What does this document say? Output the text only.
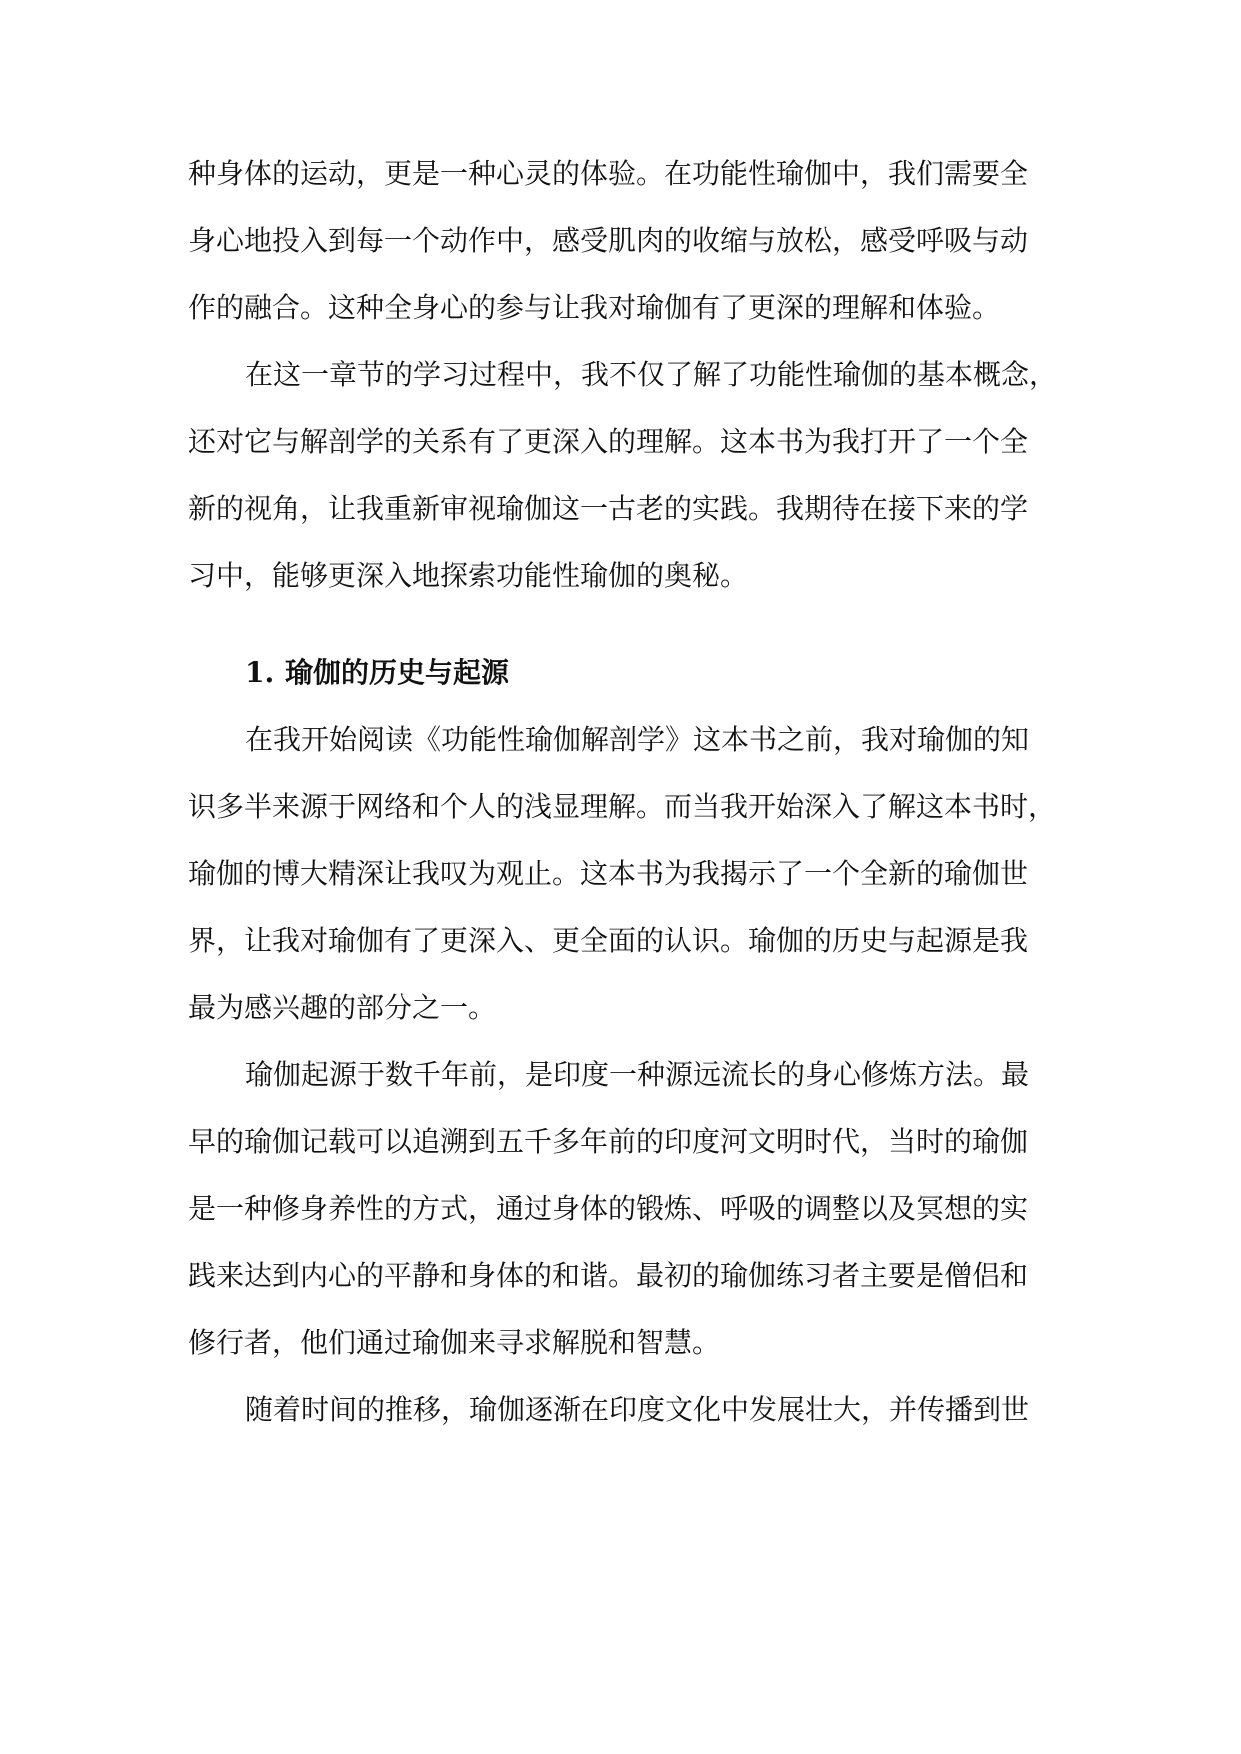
种身体的运动，更是一种心灵的体验。在功能性瑜伽中，我们需要全
身心地投入到每一个动作中，感受肌肉的收缩与放松，感受呼吸与动
作的融合。这种全身心的参与让我对瑜伽有了更深的理解和体验。
在这一章节的学习过程中，我不仅了解了功能性瑜伽的基本概念，
还对它与解剖学的关系有了更深入的理解。这本书为我打开了一个全
新的视角，让我重新审视瑜伽这一古老的实践。我期待在接下来的学
习中，能够更深入地探索功能性瑜伽的奥秘。
1. 瑜伽的历史与起源
在我开始阅读《功能性瑜伽解剖学》这本书之前，我对瑜伽的知
识多半来源于网络和个人的浅显理解。而当我开始深入了解这本书时，
瑜伽的博大精深让我叹为观止。这本书为我揭示了一个全新的瑜伽世
界，让我对瑜伽有了更深入、更全面的认识。瑜伽的历史与起源是我
最为感兴趣的部分之一。
瑜伽起源于数千年前，是印度一种源远流长的身心修炼方法。最
早的瑜伽记载可以追溯到五千多年前的印度河文明时代，当时的瑜伽
是一种修身养性的方式，通过身体的锻炼、呼吸的调整以及冥想的实
践来达到内心的平静和身体的和谐。最初的瑜伽练习者主要是僧侣和
修行者，他们通过瑜伽来寻求解脱和智慧。
随着时间的推移，瑜伽逐渐在印度文化中发展壮大，并传播到世
